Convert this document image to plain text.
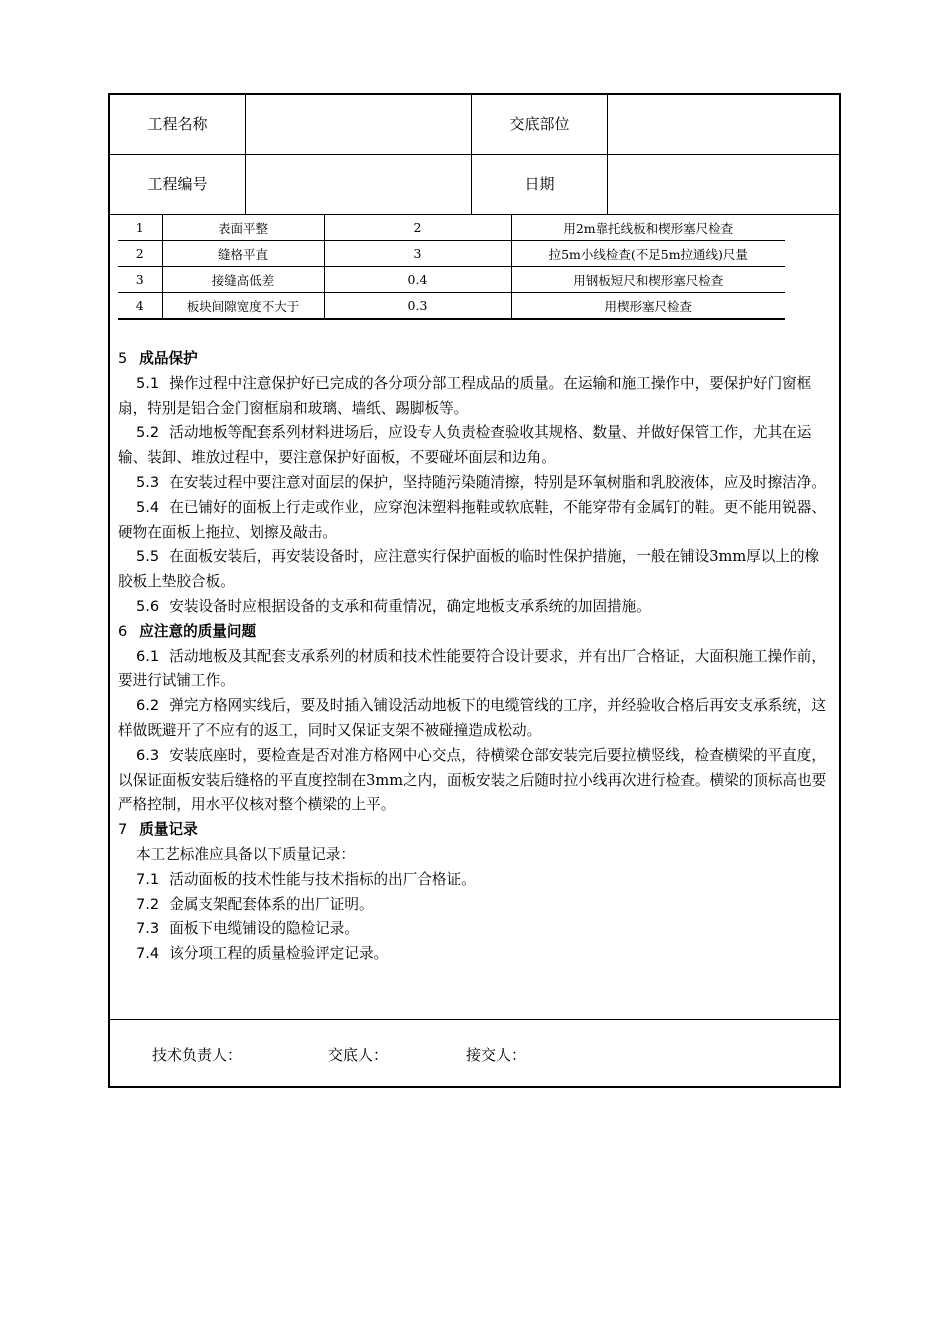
工程名称	交底部位
工程编号	日期
1	表面平整	2	用2m靠托线板和楔形塞尺检查
2	缝格平直	3	拉5m小线检查(不足5m拉通线)尺量
3	接缝高低差	0.4	用钢板短尺和楔形塞尺检查
4	板块间隙宽度不大于	0.3	用楔形塞尺检查

5 成品保护

5.1 操作过程中注意保护好已完成的各分项分部工程成品的质量。在运输和施工操作中，要保护好门窗框扇，特别是铝合金门窗框扇和玻璃、墙纸、踢脚板等。

5.2 活动地板等配套系列材料进场后，应设专人负责检查验收其规格、数量、并做好保管工作，尤其在运输、装卸、堆放过程中，要注意保护好面板，不要碰坏面层和边角。

5.3 在安装过程中要注意对面层的保护，坚持随污染随清擦，特别是环氧树脂和乳胶液体，应及时擦洁净。

5.4 在已铺好的面板上行走或作业，应穿泡沫塑料拖鞋或软底鞋，不能穿带有金属钉的鞋。更不能用锐器、硬物在面板上拖拉、划擦及敲击。

5.5 在面板安装后，再安装设备时，应注意实行保护面板的临时性保护措施，一般在铺设3mm厚以上的橡胶板上垫胶合板。

5.6 安装设备时应根据设备的支承和荷重情况，确定地板支承系统的加固措施。

6 应注意的质量问题

6.1 活动地板及其配套支承系列的材质和技术性能要符合设计要求，并有出厂合格证，大面积施工操作前，要进行试铺工作。

6.2 弹完方格网实线后，要及时插入铺设活动地板下的电缆管线的工序，并经验收合格后再安支承系统，这样做既避开了不应有的返工，同时又保证支架不被碰撞造成松动。

6.3 安装底座时，要检查是否对准方格网中心交点，待横梁仓部安装完后要拉横竖线，检查横梁的平直度，以保证面板安装后缝格的平直度控制在3mm之内，面板安装之后随时拉小线再次进行检查。横梁的顶标高也要严格控制，用水平仪核对整个横梁的上平。

7 质量记录

本工艺标准应具备以下质量记录：

7.1 活动面板的技术性能与技术指标的出厂合格证。

7.2 金属支架配套体系的出厂证明。

7.3 面板下电缆铺设的隐检记录。

7.4 该分项工程的质量检验评定记录。

技术负责人：	交底人：	接交人：
